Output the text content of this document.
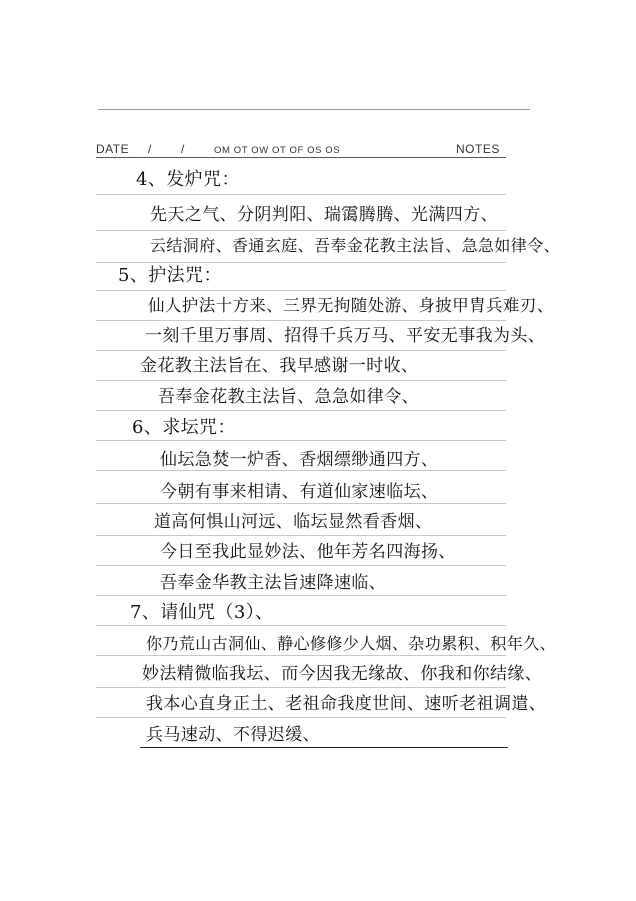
DATE / /	OM OT OW OT OF OS OS	NOTES
4、发炉咒：
先天之气、分阴判阳、瑞霭腾腾、光满四方、
云结洞府、香通玄庭、吾奉金花教主法旨、急急如律令、
5、护法咒：
仙人护法十方来、三界无拘随处游、身披甲胄兵难刃、
一刻千里万事周、招得千兵万马、平安无事我为头、
金花教主法旨在、我早感谢一时收、
吾奉金花教主法旨、急急如律令、
6、求坛咒：
仙坛急焚一炉香、香烟缥缈通四方、
今朝有事来相请、有道仙家速临坛、
道高何惧山河远、临坛显然看香烟、
今日至我此显妙法、他年芳名四海扬、
吾奉金华教主法旨速降速临、
7、请仙咒（3）、
你乃荒山古洞仙、静心修修少人烟、杂功累积、积年久、
妙法精微临我坛、而今因我无缘故、你我和你结缘、
我本心直身正土、老祖命我度世间、速听老祖调遣、
兵马速动、不得迟缓、
